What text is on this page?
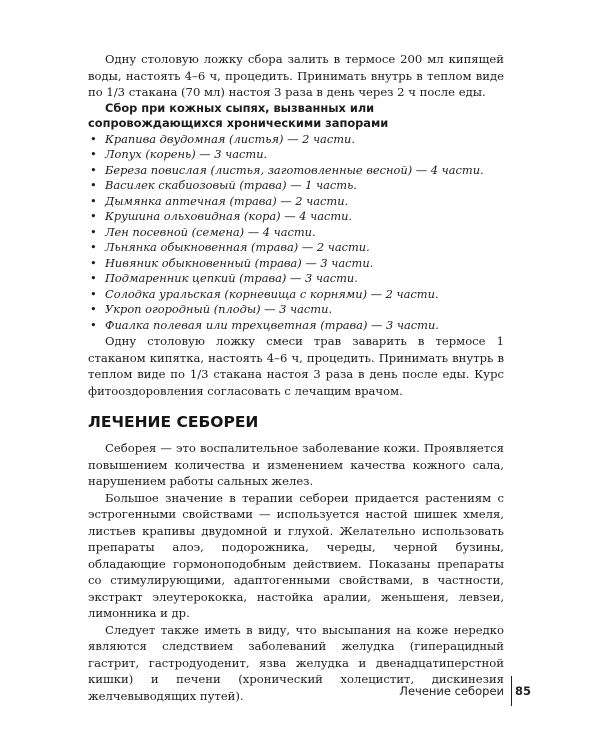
Одну столовую ложку сбора залить в термосе 200 мл кипящей воды, настоять 4–6 ч, процедить. Принимать внутрь в теплом виде по 1/3 стакана (70 мл) настоя 3 раза в день через 2 ч после еды.

Сбор при кожных сыпях, вызванных или сопровождающихся хроническими запорами
• Крапива двудомная (листья) — 2 части.
• Лопух (корень) — 3 части.
• Береза повислая (листья, заготовленные весной) — 4 части.
• Василек скабиозовый (трава) — 1 часть.
• Дымянка аптечная (трава) — 2 части.
• Крушина ольховидная (кора) — 4 части.
• Лен посевной (семена) — 4 части.
• Льнянка обыкновенная (трава) — 2 части.
• Нивяник обыкновенный (трава) — 3 части.
• Подмаренник цепкий (трава) — 3 части.
• Солодка уральская (корневища с корнями) — 2 части.
• Укроп огородный (плоды) — 3 части.
• Фиалка полевая или трехцветная (трава) — 3 части.

Одну столовую ложку смеси трав заварить в термосе 1 стаканом кипятка, настоять 4–6 ч, процедить. Принимать внутрь в теплом виде по 1/3 стакана настоя 3 раза в день после еды. Курс фитооздоровления согласовать с лечащим врачом.

ЛЕЧЕНИЕ СЕБОРЕИ

Себорея — это воспалительное заболевание кожи. Проявляется повышением количества и изменением качества кожного сала, нарушением работы сальных желез.

Большое значение в терапии себореи придается растениям с эстрогенными свойствами — используется настой шишек хмеля, листьев крапивы двудомной и глухой. Желательно использовать препараты алоэ, подорожника, череды, черной бузины, обладающие гормоноподобным действием. Показаны препараты со стимулирующими, адаптогенными свойствами, в частности, экстракт элеутерококка, настойка аралии, женьшеня, левзеи, лимонника и др.

Следует также иметь в виду, что высыпания на коже нередко являются следствием заболеваний желудка (гиперацидный гастрит, гастродуоденит, язва желудка и двенадцатиперстной кишки) и печени (хронический холецистит, дискинезия желчевыводящих путей).	Лечение себореи 85
